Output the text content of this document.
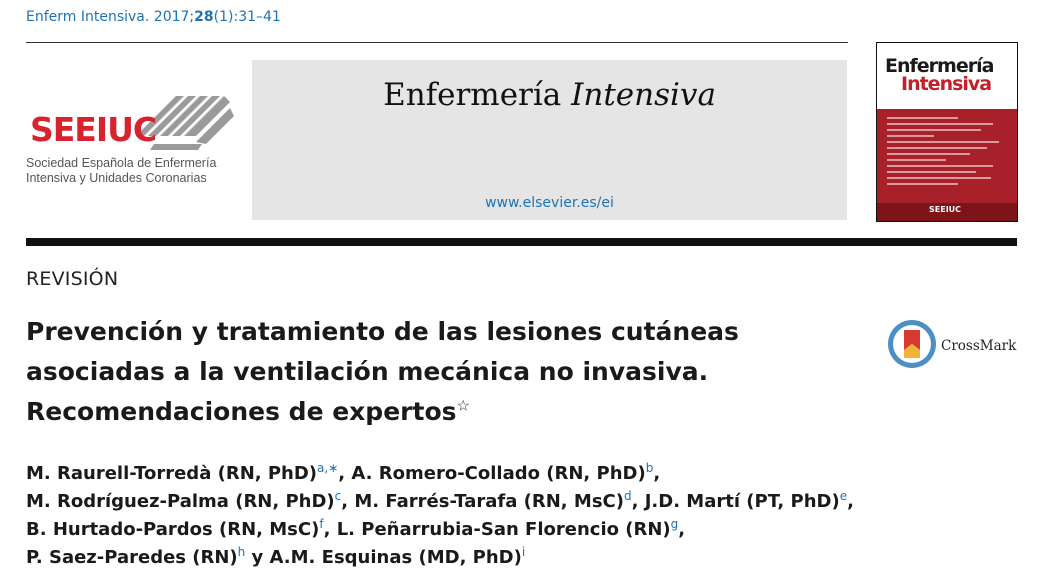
Enferm Intensiva. 2017;28(1):31–41
SEEIUC
Sociedad Española de Enfermería
Intensiva y Unidades Coronarias
Enfermería Intensiva
www.elsevier.es/ei
Enfermería
Intensiva
SEEIUC
REVISIÓN
Prevención y tratamiento de las lesiones cutáneas
asociadas a la ventilación mecánica no invasiva.
Recomendaciones de expertos☆
CrossMark
M. Raurell-Torredà (RN, PhD)$^{a,∗}$, A. Romero-Collado (RN, PhD)$^b$,
M. Rodríguez-Palma (RN, PhD)$^c$, M. Farrés-Tarafa (RN, MsC)$^d$, J.D. Martí (PT, PhD)$^e$,
B. Hurtado-Pardos (RN, MsC)$^f$, L. Peñarrubia-San Florencio (RN)$^g$,
P. Saez-Paredes (RN)$^h$ y A.M. Esquinas (MD, PhD)$^i$
